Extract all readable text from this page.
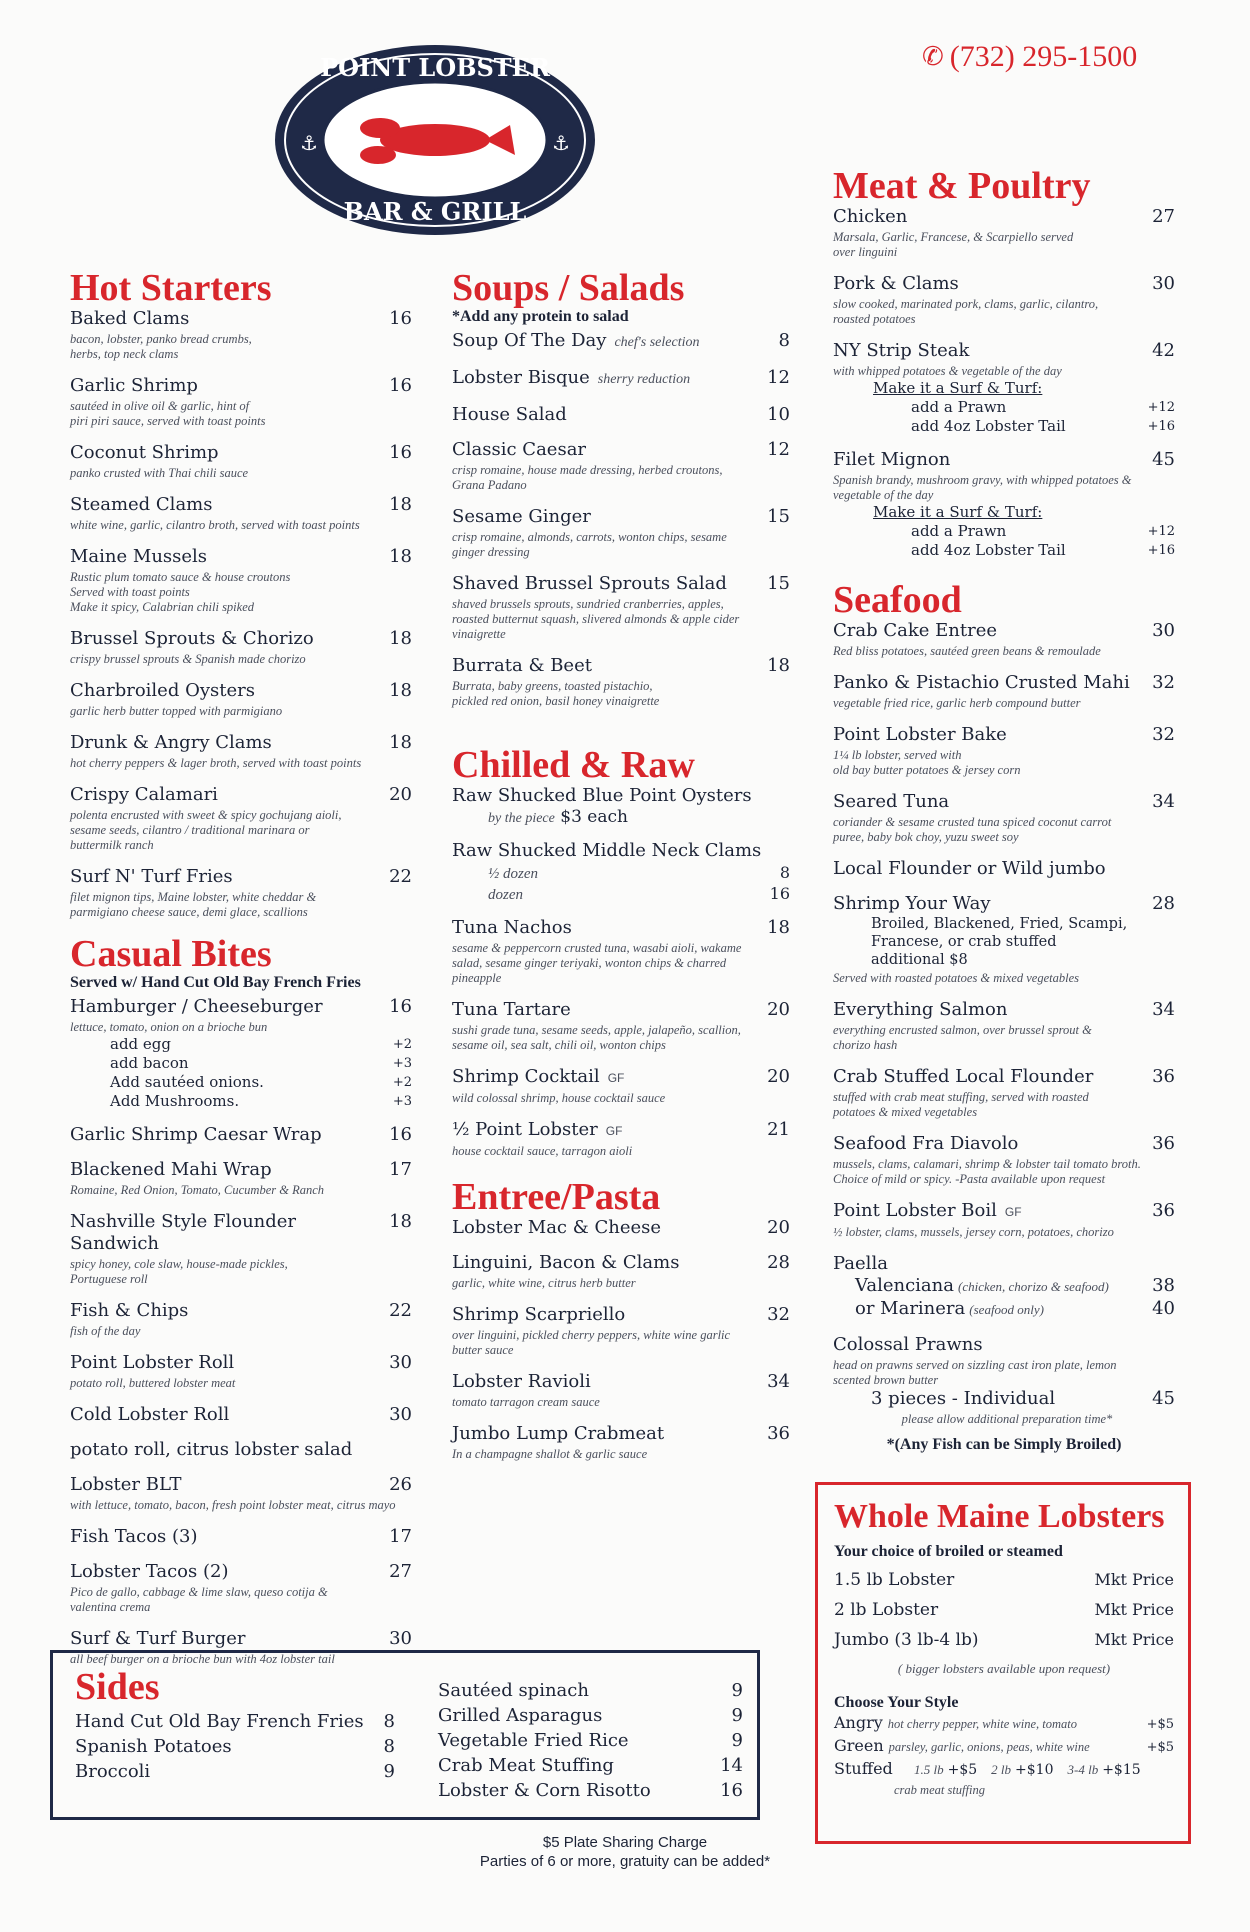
⚓	⚓
POINT LOBSTER
BAR & GRILL
✆ (732) 295-1500
Hot Starters
Baked Clams	16
bacon, lobster, panko bread crumbs,
herbs, top neck clams
Garlic Shrimp	16
sautéed in olive oil & garlic, hint of
piri piri sauce, served with toast points
Coconut Shrimp	16
panko crusted with Thai chili sauce
Steamed Clams	18
white wine, garlic, cilantro broth, served with toast points
Maine Mussels	18
Rustic plum tomato sauce & house croutons
Served with toast points
Make it spicy, Calabrian chili spiked
Brussel Sprouts & Chorizo	18
crispy brussel sprouts & Spanish made chorizo
Charbroiled Oysters	18
garlic herb butter topped with parmigiano
Drunk & Angry Clams	18
hot cherry peppers & lager broth, served with toast points
Crispy Calamari	20
polenta encrusted with sweet & spicy gochujang aioli,
sesame seeds, cilantro / traditional marinara or
buttermilk ranch
Surf N' Turf Fries	22
filet mignon tips, Maine lobster, white cheddar &
parmigiano cheese sauce, demi glace, scallions
Casual Bites
Served w/ Hand Cut Old Bay French Fries
Hamburger / Cheeseburger	16
lettuce, tomato, onion on a brioche bun
add egg	+2
add bacon	+3
Add sautéed onions.	+2
Add Mushrooms.	+3
Garlic Shrimp Caesar Wrap	16
Blackened Mahi Wrap	17
Romaine, Red Onion, Tomato, Cucumber & Ranch
Nashville Style Flounder Sandwich
18
spicy honey, cole slaw, house-made pickles,
Portuguese roll
Fish & Chips	22
fish of the day
Point Lobster Roll	30
potato roll, buttered lobster meat
Cold Lobster Roll	30
potato roll, citrus lobster salad
Lobster BLT	26
with lettuce, tomato, bacon, fresh point lobster meat, citrus mayo
Fish Tacos (3)	17
Lobster Tacos (2)	27
Pico de gallo, cabbage & lime slaw, queso cotija &
valentina crema
Surf & Turf Burger	30
all beef burger on a brioche bun with 4oz lobster tail
Soups / Salads
*Add any protein to salad
Soup Of The Day chef's selection	8
Lobster Bisque sherry reduction	12
House Salad	10
Classic Caesar	12
crisp romaine, house made dressing, herbed croutons,
Grana Padano
Sesame Ginger	15
crisp romaine, almonds, carrots, wonton chips, sesame
ginger dressing
Shaved Brussel Sprouts Salad 15
shaved brussels sprouts, sundried cranberries, apples,
roasted butternut squash, slivered almonds & apple cider
vinaigrette
Burrata & Beet	18
Burrata, baby greens, toasted pistachio,
pickled red onion, basil honey vinaigrette
Chilled & Raw
Raw Shucked Blue Point Oysters
by the piece $3 each
Raw Shucked Middle Neck Clams
½ dozen	8
dozen	16
Tuna Nachos	18
sesame & peppercorn crusted tuna, wasabi aioli, wakame
salad, sesame ginger teriyaki, wonton chips & charred
pineapple
Tuna Tartare	20
sushi grade tuna, sesame seeds, apple, jalapeño, scallion,
sesame oil, sea salt, chili oil, wonton chips
Shrimp Cocktail GF	20
wild colossal shrimp, house cocktail sauce
½ Point Lobster GF	21
house cocktail sauce, tarragon aioli
Entree/Pasta
Lobster Mac & Cheese	20
Linguini, Bacon & Clams	28
garlic, white wine, citrus herb butter
Shrimp Scarpriello	32
over linguini, pickled cherry peppers, white wine garlic
butter sauce
Lobster Ravioli	34
tomato tarragon cream sauce
Jumbo Lump Crabmeat	36
In a champagne shallot & garlic sauce
Meat & Poultry
Chicken	27
Marsala, Garlic, Francese, & Scarpiello served
over linguini
Pork & Clams	30
slow cooked, marinated pork, clams, garlic, cilantro,
roasted potatoes
NY Strip Steak	42
with whipped potatoes & vegetable of the day
Make it a Surf & Turf:
add a Prawn	+12
add 4oz Lobster Tail	+16
Filet Mignon	45
Spanish brandy, mushroom gravy, with whipped potatoes & vegetable of the day
Make it a Surf & Turf:
add a Prawn	+12
add 4oz Lobster Tail	+16
Seafood
Crab Cake Entree	30
Red bliss potatoes, sautéed green beans & remoulade
Panko & Pistachio Crusted Mahi 32
vegetable fried rice, garlic herb compound butter
Point Lobster Bake	32
1¼ lb lobster, served with
old bay butter potatoes & jersey corn
Seared Tuna	34
coriander & sesame crusted tuna spiced coconut carrot
puree, baby bok choy, yuzu sweet soy
Local Flounder or Wild jumbo
Shrimp Your Way	28
Broiled, Blackened, Fried, Scampi,
Francese, or crab stuffed
additional $8
Served with roasted potatoes & mixed vegetables
Everything Salmon	34
everything encrusted salmon, over brussel sprout &
chorizo hash
Crab Stuffed Local Flounder	36
stuffed with crab meat stuffing, served with roasted
potatoes & mixed vegetables
Seafood Fra Diavolo	36
mussels, clams, calamari, shrimp & lobster tail tomato broth.
Choice of mild or spicy. -Pasta available upon request
Point Lobster Boil GF	36
½ lobster, clams, mussels, jersey corn, potatoes, chorizo
Paella
Valenciana (chicken, chorizo & seafood) 38
or Marinera (seafood only)	40
Colossal Prawns
head on prawns served on sizzling cast iron plate, lemon
scented brown butter
3 pieces - Individual	45
please allow additional preparation time*
*(Any Fish can be Simply Broiled)
Whole Maine Lobsters
Your choice of broiled or steamed
1.5 lb Lobster	Mkt Price
2 lb Lobster	Mkt Price
Jumbo (3 lb-4 lb)	Mkt Price
( bigger lobsters available upon request)
Choose Your Style
Angry hot cherry pepper, white wine, tomato	+$5
Green parsley, garlic, onions, peas, white wine	+$5
Stuffed	1.5 lb +$5 2 lb +$10 3-4 lb +$15
crab meat stuffing
Sides
Hand Cut Old Bay French Fries 8
Spanish Potatoes	8
Broccoli	9
Sautéed spinach	9
Grilled Asparagus	9
Vegetable Fried Rice	9
Crab Meat Stuffing	14
Lobster & Corn Risotto	16
$5 Plate Sharing Charge
Parties of 6 or more, gratuity can be added*
